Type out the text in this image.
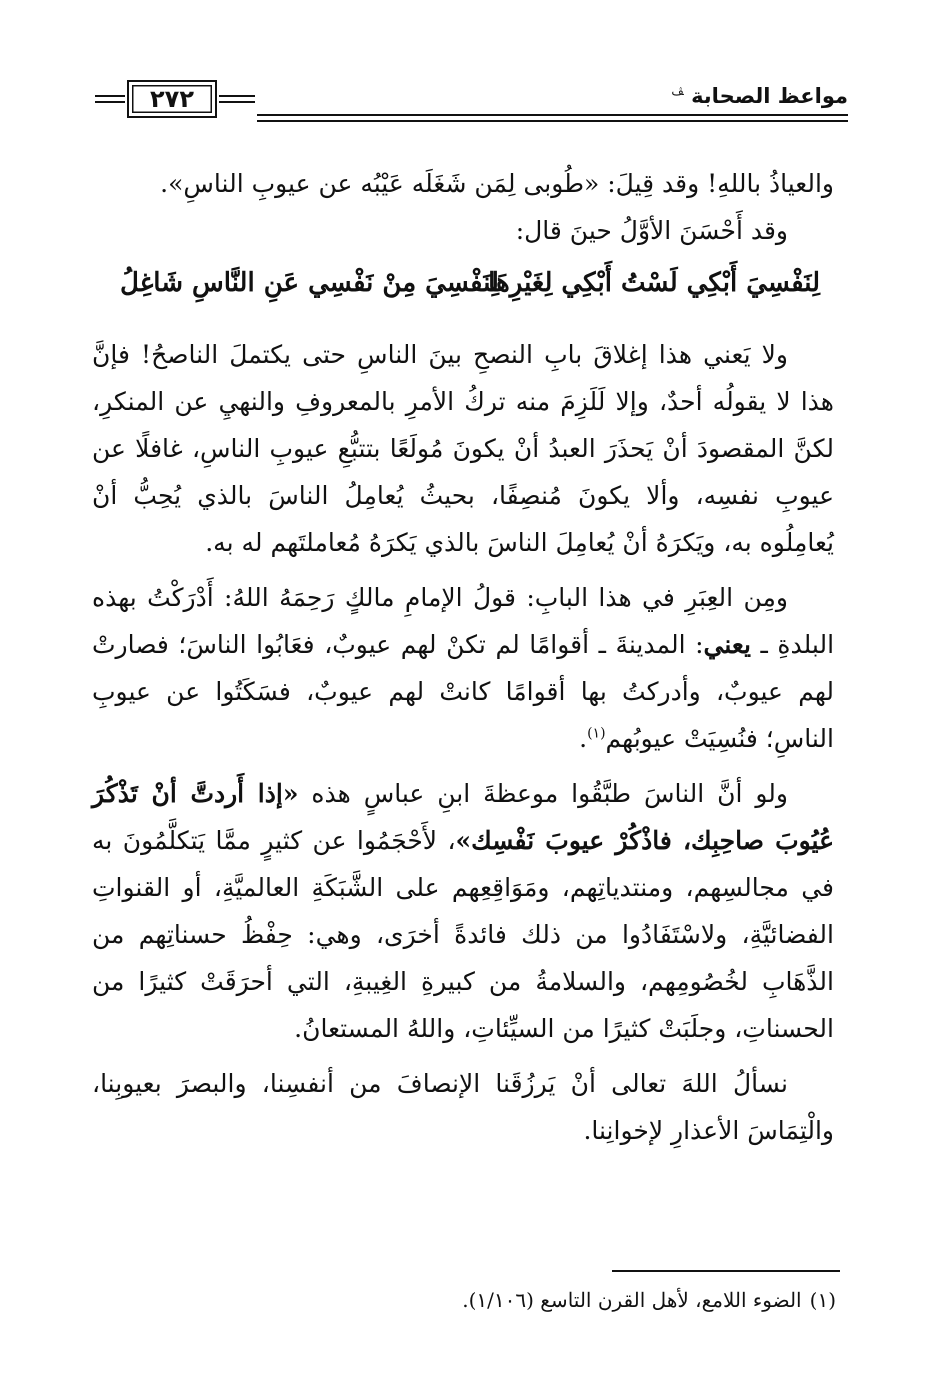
مواعظ الصحابة $^ﭫ$
٢٧٢

والعياذُ باللهِ! وقد قِيلَ: «طُوبى لِمَن شَغَلَه عَيْبُه عن عيوبِ الناسِ».

وقد أَحْسَنَ الأوَّلُ حينَ قال:

لِنَفْسِيَ أَبْكِي لَسْتُ أَبْكِي لِغَيْرِهَا
لِنَفْسِيَ مِنْ نَفْسِي عَنِ النَّاسِ شَاغِلُ

ولا يَعني هذا إغلاقَ بابِ النصحِ بينَ الناسِ حتى يكتملَ الناصحُ! فإنَّ هذا لا يقولُه أحدٌ، وإلا لَلَزِمَ منه تركُ الأمرِ بالمعروفِ والنهيِ عن المنكرِ، لكنَّ المقصودَ أنْ يَحذَرَ العبدُ أنْ يكونَ مُولَعًا بتتبُّعِ عيوبِ الناسِ، غافلًا عن عيوبِ نفسِه، وألا يكونَ مُنصِفًا، بحيثُ يُعامِلُ الناسَ بالذي يُحِبُّ أنْ يُعامِلُوه به، ويَكرَهُ أنْ يُعامِلَ الناسَ بالذي يَكرَهُ مُعاملتَهم له به.

ومِن العِبَرِ في هذا البابِ: قولُ الإمامِ مالكٍ رَحِمَهُ اللهُ: أَدْرَكْتُ بهذه البلدةِ ـ يعني: المدينةَ ـ أقوامًا لم تكنْ لهم عيوبٌ، فعَابُوا الناسَ؛ فصارتْ لهم عيوبٌ، وأدركتُ بها أقوامًا كانتْ لهم عيوبٌ، فسَكَتُوا عن عيوبِ الناسِ؛ فنُسِيَتْ عيوبُهم$^{(١)}$.

ولو أنَّ الناسَ طبَّقُوا موعظةَ ابنِ عباسٍ هذه «إذا أَردتَّ أنْ تَذْكُرَ عُيُوبَ صاحِبِك، فاذْكُرْ عيوبَ نَفْسِك»، لأَحْجَمُوا عن كثيرٍ ممَّا يَتكلَّمُونَ به في مجالسِهم، ومنتدياتِهم، ومَوَاقِعِهم على الشَّبَكَةِ العالميَّةِ، أو القنواتِ الفضائيَّةِ، ولاسْتَفَادُوا من ذلك فائدةً أخرَى، وهي: حِفْظُ حسناتِهم من الذَّهَابِ لخُصُومِهم، والسلامةُ من كبيرةِ الغِيبةِ، التي أحرَقَتْ كثيرًا من الحسناتِ، وجلَبَتْ كثيرًا من السيِّئاتِ، واللهُ المستعانُ.

نسألُ اللهَ تعالى أنْ يَرزُقَنا الإنصافَ من أنفسِنا، والبصرَ بعيوبِنا، والْتِمَاسَ الأعذارِ لإخوانِنا.

(١)الضوء اللامع، لأهل القرن التاسع (١/١٠٦).
